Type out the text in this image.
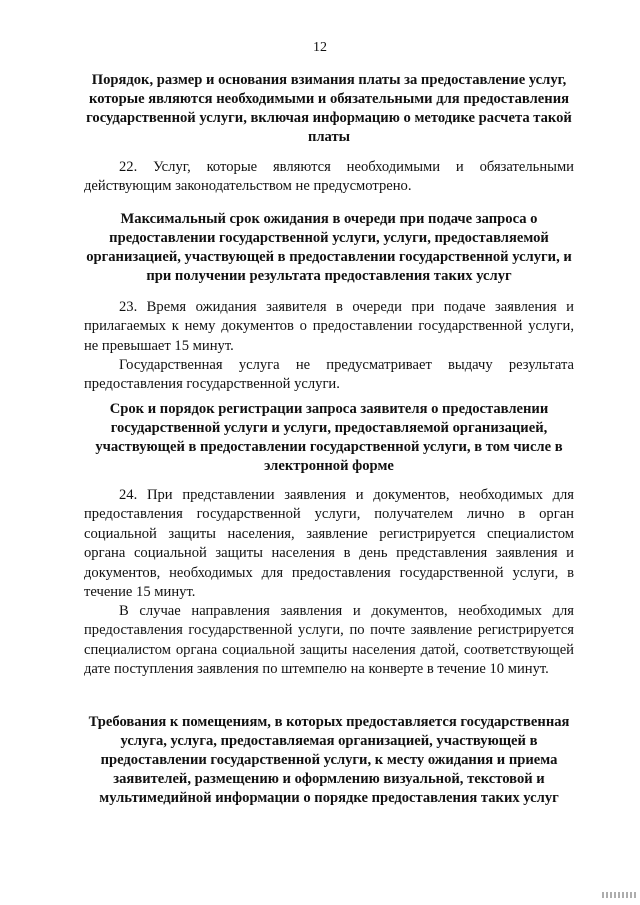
12
Порядок, размер и основания взимания платы за предоставление услуг, которые являются необходимыми и обязательными для предоставления государственной услуги, включая информацию о методике расчета такой платы
22. Услуг, которые являются необходимыми и обязательными действующим законодательством не предусмотрено.
Максимальный срок ожидания в очереди при подаче запроса о предоставлении государственной услуги, услуги, предоставляемой организацией, участвующей в предоставлении государственной услуги, и при получении результата предоставления таких услуг
23. Время ожидания заявителя в очереди при подаче заявления и прилагаемых к нему документов о предоставлении государственной услуги, не превышает 15 минут.
Государственная услуга не предусматривает выдачу результата предоставления государственной услуги.
Срок и порядок регистрации запроса заявителя о предоставлении государственной услуги и услуги, предоставляемой организацией, участвующей в предоставлении государственной услуги, в том числе в электронной форме
24. При представлении заявления и документов, необходимых для предоставления государственной услуги, получателем лично в орган социальной защиты населения, заявление регистрируется специалистом органа социальной защиты населения в день представления заявления и документов, необходимых для предоставления государственной услуги, в течение 15 минут.
В случае направления заявления и документов, необходимых для предоставления государственной услуги, по почте заявление регистрируется специалистом органа социальной защиты населения датой, соответствующей дате поступления заявления по штемпелю на конверте в течение 10 минут.
Требования к помещениям, в которых предоставляется государственная услуга, услуга, предоставляемая организацией, участвующей в предоставлении государственной услуги, к месту ожидания и приема заявителей, размещению и оформлению визуальной, текстовой и мультимедийной информации о порядке предоставления таких услуг
